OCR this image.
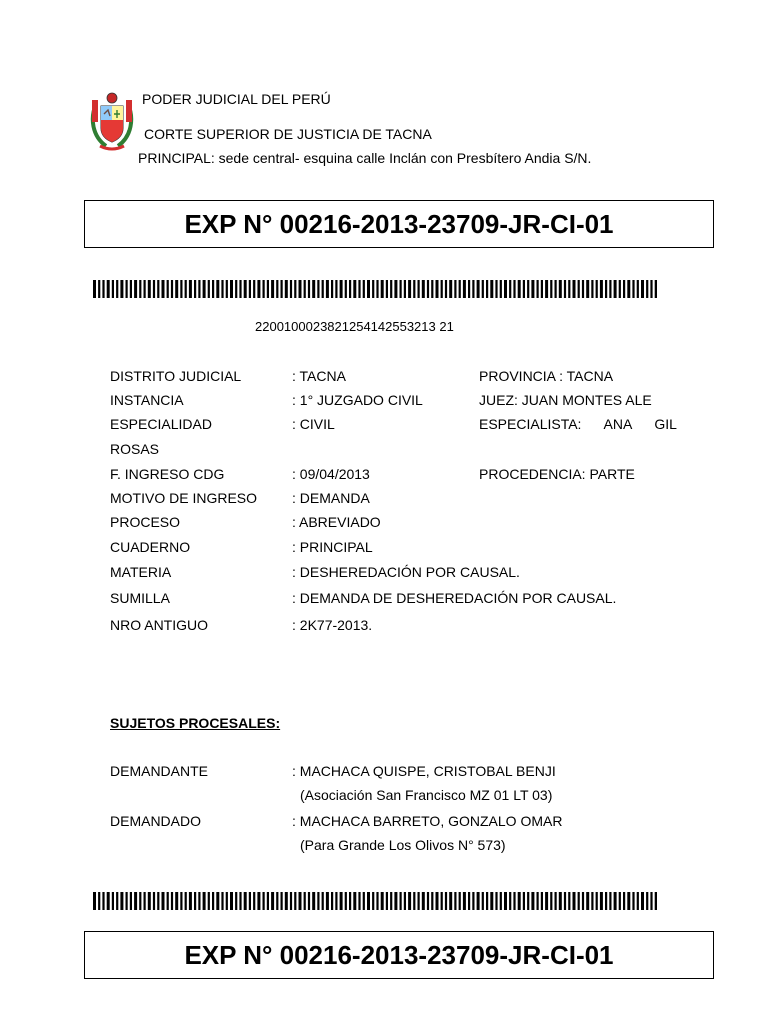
PODER JUDICIAL DEL PERÚ
CORTE SUPERIOR DE JUSTICIA DE TACNA
PRINCIPAL: sede central- esquina calle Inclán con Presbítero Andia S/N.
EXP N° 00216-2013-23709-JR-CI-01
2200100023821254142553213 21
DISTRITO JUDICIAL	: TACNA	PROVINCIA : TACNA
INSTANCIA	: 1° JUZGADO CIVIL	JUEZ: JUAN MONTES ALE
ESPECIALIDAD	: CIVIL	ESPECIALISTA: ANA GIL
ROSAS
F. INGRESO CDG	: 09/04/2013	PROCEDENCIA: PARTE
MOTIVO DE INGRESO : DEMANDA
PROCESO	: ABREVIADO
CUADERNO	: PRINCIPAL
MATERIA	: DESHEREDACIÓN POR CAUSAL.
SUMILLA	: DEMANDA DE DESHEREDACIÓN POR CAUSAL.
NRO ANTIGUO	: 2K77-2013.
SUJETOS PROCESALES:
DEMANDANTE	: MACHACA QUISPE, CRISTOBAL BENJI
(Asociación San Francisco MZ 01 LT 03)
DEMANDADO	: MACHACA BARRETO, GONZALO OMAR
(Para Grande Los Olivos N° 573)
EXP N° 00216-2013-23709-JR-CI-01
